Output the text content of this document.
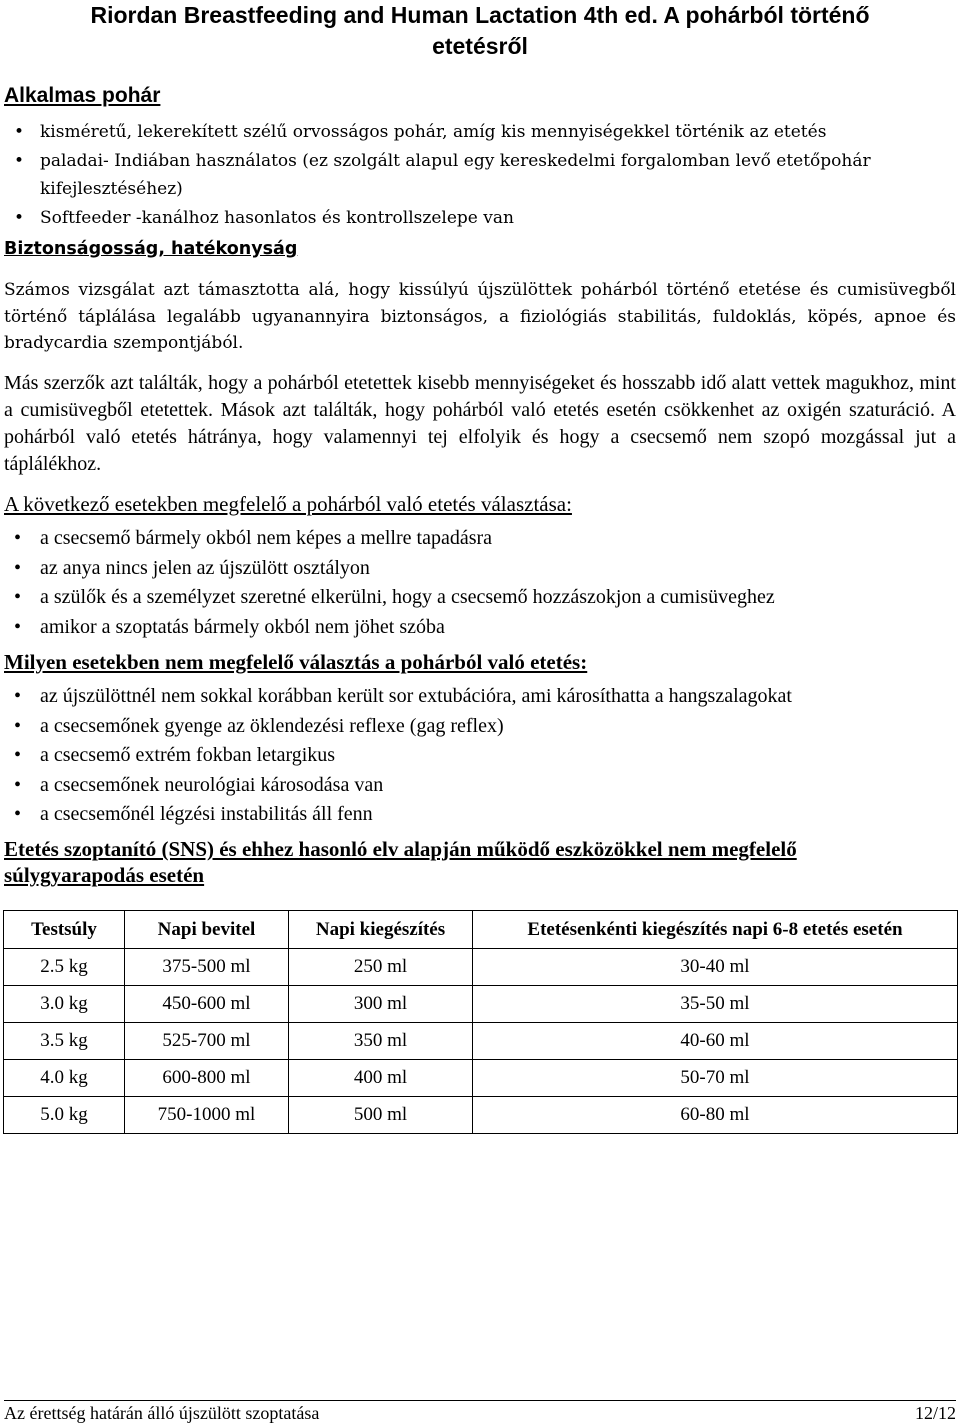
Riordan Breastfeeding and Human Lactation 4th ed. A pohárból történő etetésről
Alkalmas pohár
• kisméretű, lekerekített szélű orvosságos pohár, amíg kis mennyiségekkel történik az etetés
• paladai- Indiában használatos (ez szolgált alapul egy kereskedelmi forgalomban levő etetőpohár kifejlesztéséhez)
• Softfeeder -kanálhoz hasonlatos és kontrollszelepe van
Biztonságosság, hatékonyság

Számos vizsgálat azt támasztotta alá, hogy kissúlyú újszülöttek pohárból történő etetése és cumisüvegből történő táplálása legalább ugyanannyira biztonságos, a fiziológiás stabilitás, fuldoklás, köpés, apnoe és bradycardia szempontjából.

Más szerzők azt találták, hogy a pohárból etetettek kisebb mennyiségeket és hosszabb idő alatt vettek magukhoz, mint a cumisüvegből etetettek. Mások azt találták, hogy pohárból való etetés esetén csökkenhet az oxigén szaturáció. A pohárból való etetés hátránya, hogy valamennyi tej elfolyik és hogy a csecsemő nem szopó mozgással jut a táplálékhoz.

A következő esetekben megfelelő a pohárból való etetés választása:
• a csecsemő bármely okból nem képes a mellre tapadásra
• az anya nincs jelen az újszülött osztályon
• a szülők és a személyzet szeretné elkerülni, hogy a csecsemő hozzászokjon a cumisüveghez
• amikor a szoptatás bármely okból nem jöhet szóba
Milyen esetekben nem megfelelő választás a pohárból való etetés:
• az újszülöttnél nem sokkal korábban került sor extubációra, ami károsíthatta a hangszalagokat
• a csecsemőnek gyenge az öklendezési reflexe (gag reflex)
• a csecsemő extrém fokban letargikus
• a csecsemőnek neurológiai károsodása van
• a csecsemőnél légzési instabilitás áll fenn
Etetés szoptanító (SNS) és ehhez hasonló elv alapján működő eszközökkel nem megfelelő
súlygyarapodás esetén
Testsúly	Napi bevitel	Napi kiegészítés	Etetésenkénti kiegészítés napi 6-8 etetés esetén
2.5 kg	375-500 ml	250 ml	30-40 ml
3.0 kg	450-600 ml	300 ml	35-50 ml
3.5 kg	525-700 ml	350 ml	40-60 ml
4.0 kg	600-800 ml	400 ml	50-70 ml
5.0 kg	750-1000 ml	500 ml	60-80 ml
Az érettség határán álló újszülött szoptatása	12/12
